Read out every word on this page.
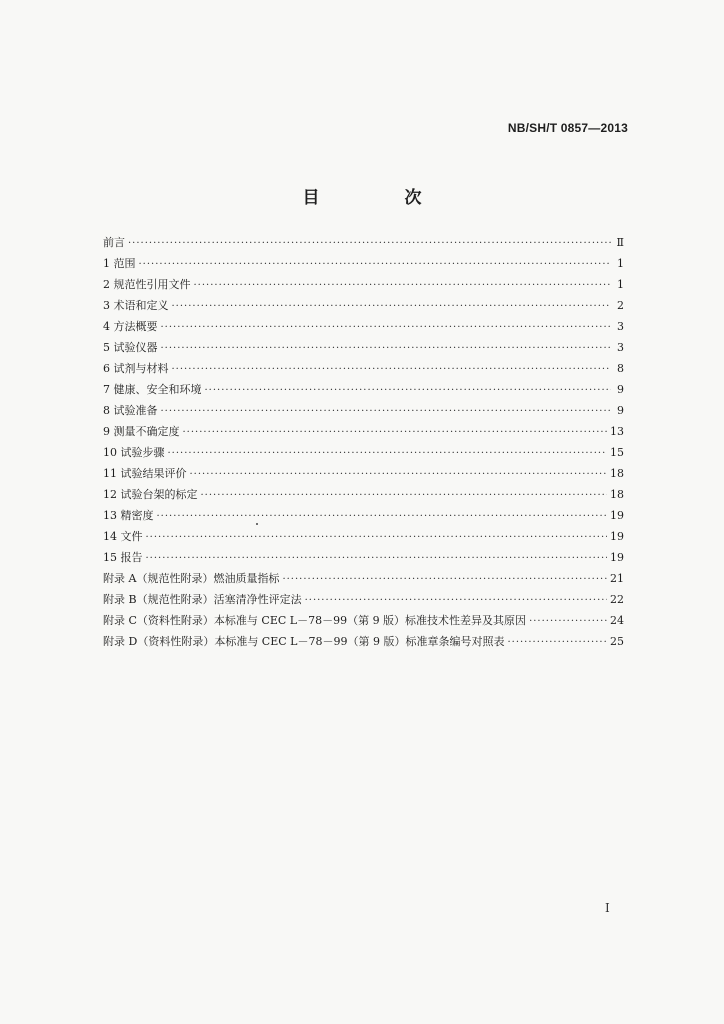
NB/SH/T 0857—2013
目　次
前言 ·····	Ⅱ
1 范围 ·····	1
2 规范性引用文件 ·····	1
3 术语和定义 ·····	2
4 方法概要 ·····	3
5 试验仪器 ·····	3
6 试剂与材料 ·····	8
7 健康、安全和环境 ·····	9
8 试验准备 ·····	9
9 测量不确定度 ·····	13
10 试验步骤 ·····	15
11 试验结果评价 ·····	18
12 试验台架的标定 ·····	18
13 精密度 ·····	19
14 文件 ·····	19
15 报告 ·····	19
附录 A（规范性附录）燃油质量指标 ·····	21
附录 B（规范性附录）活塞清净性评定法 ·····	22
附录 C（资料性附录）本标准与 CEC L－78－99（第 9 版）标准技术性差异及其原因 ·····	24
附录 D（资料性附录）本标准与 CEC L－78－99（第 9 版）标准章条编号对照表 ·····	25
I
